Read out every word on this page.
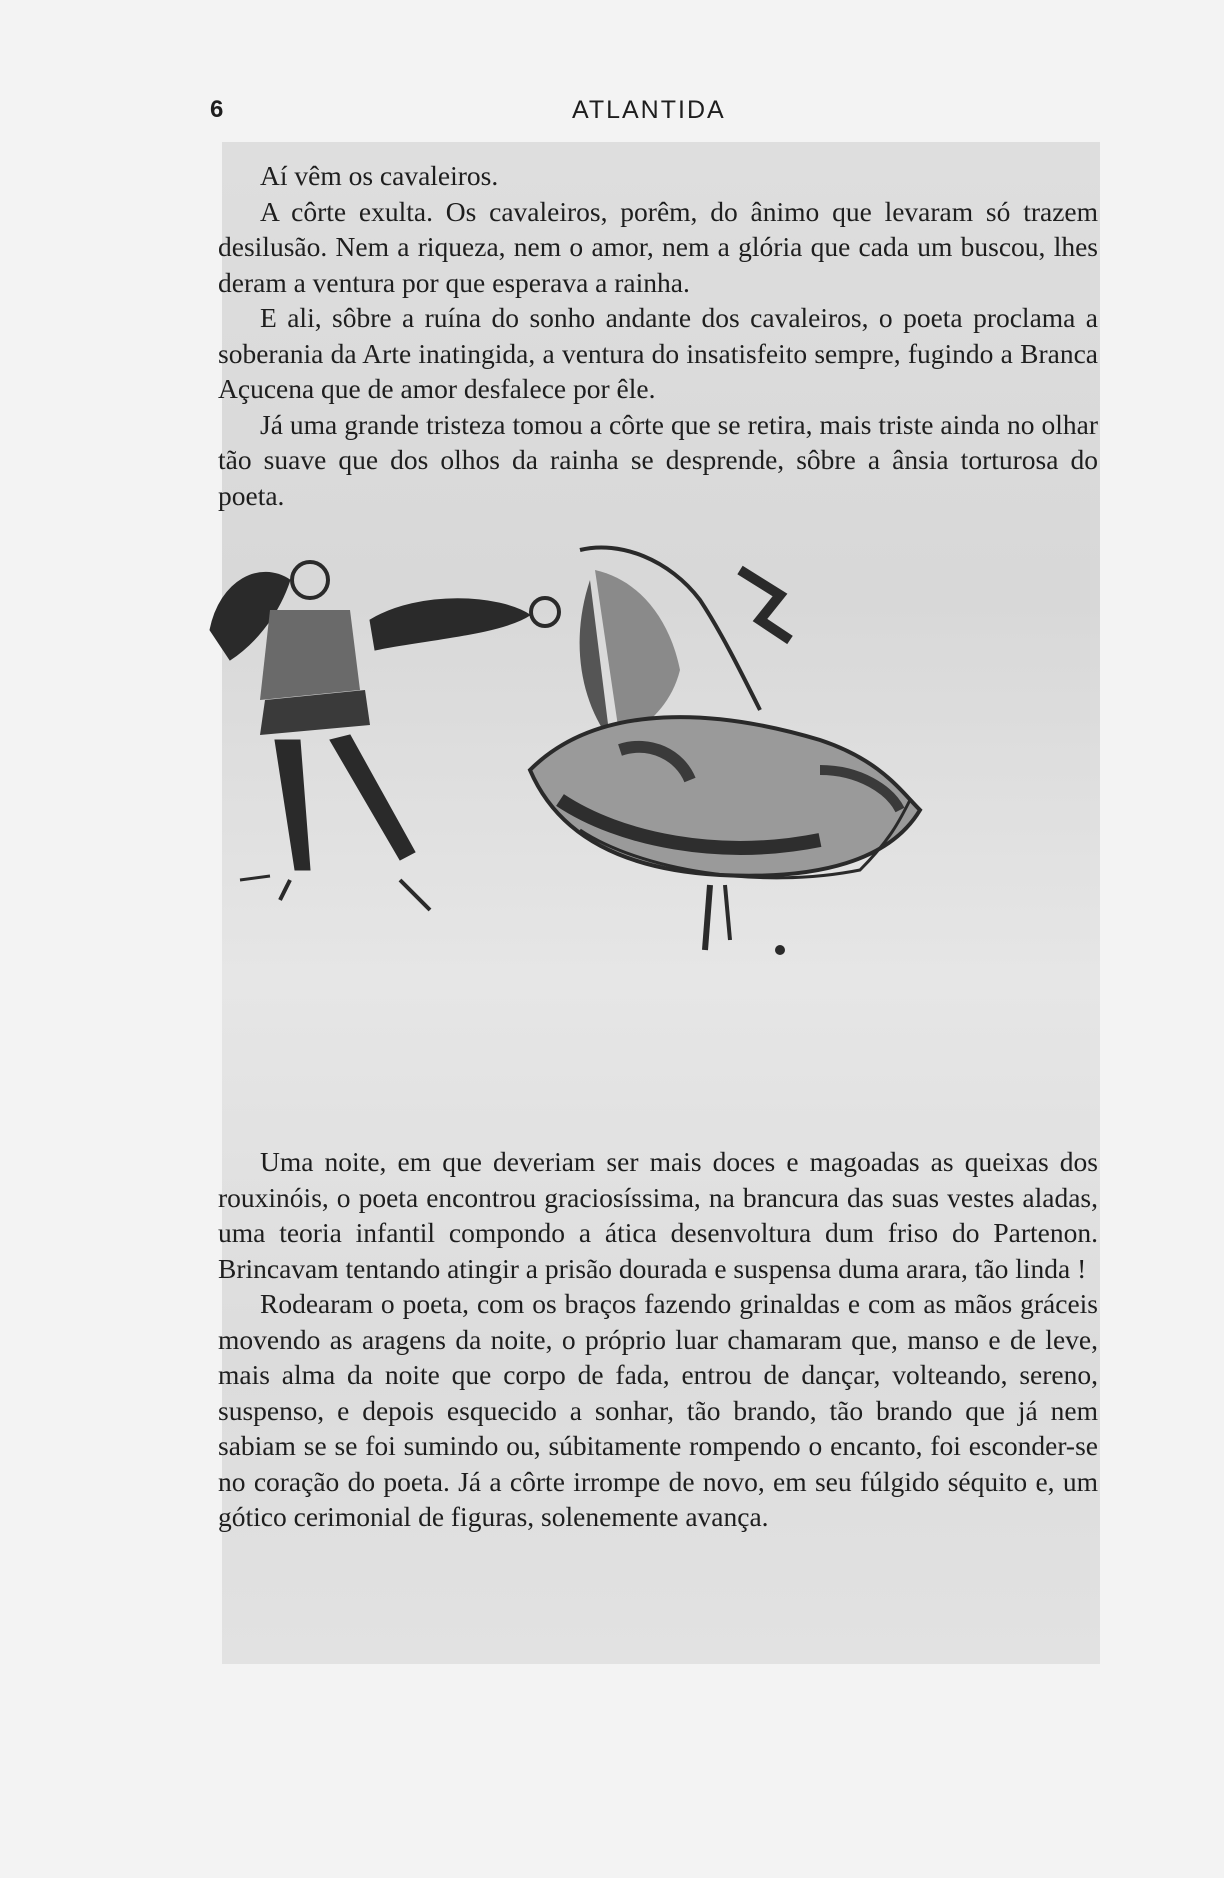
6	ATLANTIDA

Aí vêm os cavaleiros.

A côrte exulta. Os cavaleiros, porêm, do ânimo que levaram só trazem desilusão. Nem a riqueza, nem o amor, nem a glória que cada um buscou, lhes deram a ventura por que esperava a rainha.

E ali, sôbre a ruína do sonho andante dos cavaleiros, o poeta proclama a soberania da Arte inatingida, a ventura do insatisfeito sempre, fugindo a Branca Açucena que de amor desfalece por êle.

Já uma grande tristeza tomou a côrte que se retira, mais triste ainda no olhar tão suave que dos olhos da rainha se desprende, sôbre a ânsia torturosa do poeta.

Uma noite, em que deveriam ser mais doces e magoadas as queixas dos rouxinóis, o poeta encontrou graciosíssima, na brancura das suas vestes aladas, uma teoria infantil compondo a ática desenvoltura dum friso do Partenon. Brincavam tentando atingir a prisão dourada e suspensa duma arara, tão linda !

Rodearam o poeta, com os braços fazendo grinaldas e com as mãos gráceis movendo as aragens da noite, o próprio luar chamaram que, manso e de leve, mais alma da noite que corpo de fada, entrou de dançar, volteando, sereno, suspenso, e depois esquecido a sonhar, tão brando, tão brando que já nem sabiam se se foi sumindo ou, súbitamente rompendo o encanto, foi esconder-se no coração do poeta. Já a côrte irrompe de novo, em seu fúlgido séquito e, um gótico cerimonial de figuras, solenemente avança.
